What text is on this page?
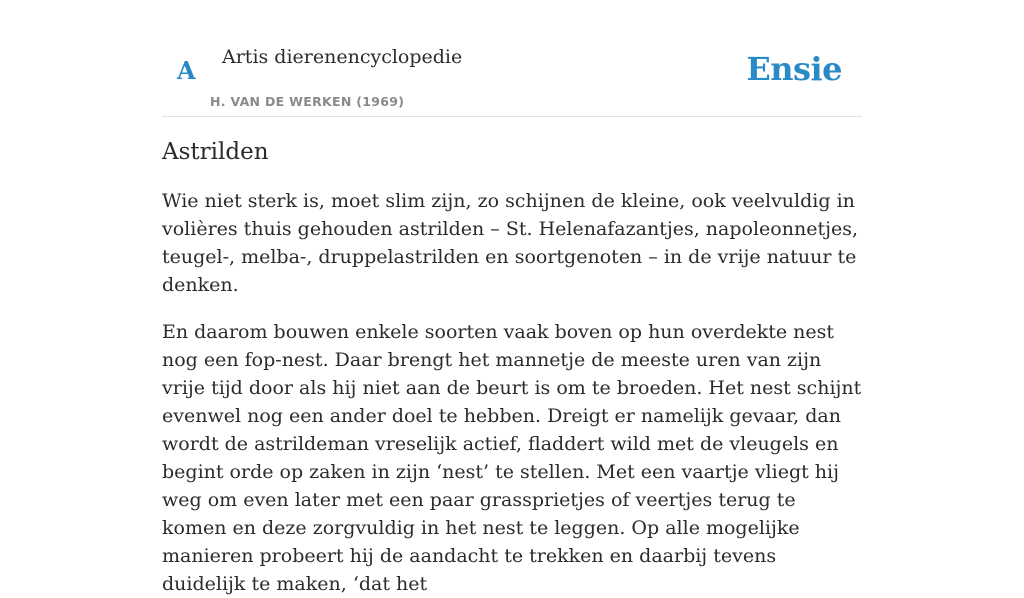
A Artis dierenencyclopedie
H. VAN DE WERKEN (1969)
Ensie
Astrilden

Wie niet sterk is, moet slim zijn, zo schijnen de kleine, ook veelvuldig in volières thuis gehouden astrilden – St. Helenafazantjes, napoleonnetjes, teugel-, melba-, druppelastrilden en soortgenoten – in de vrije natuur te denken.

En daarom bouwen enkele soorten vaak boven op hun overdekte nest nog een fop-nest. Daar brengt het mannetje de meeste uren van zijn vrije tijd door als hij niet aan de beurt is om te broeden. Het nest schijnt evenwel nog een ander doel te hebben. Dreigt er namelijk gevaar, dan wordt de astrildeman vreselijk actief, fladdert wild met de vleugels en begint orde op zaken in zijn ‘nest’ te stellen. Met een vaartje vliegt hij weg om even later met een paar grassprietjes of veertjes terug te komen en deze zorgvuldig in het nest te leggen. Op alle mogelijke manieren probeert hij de aandacht te trekken en daarbij tevens duidelijk te maken, ‘dat het
